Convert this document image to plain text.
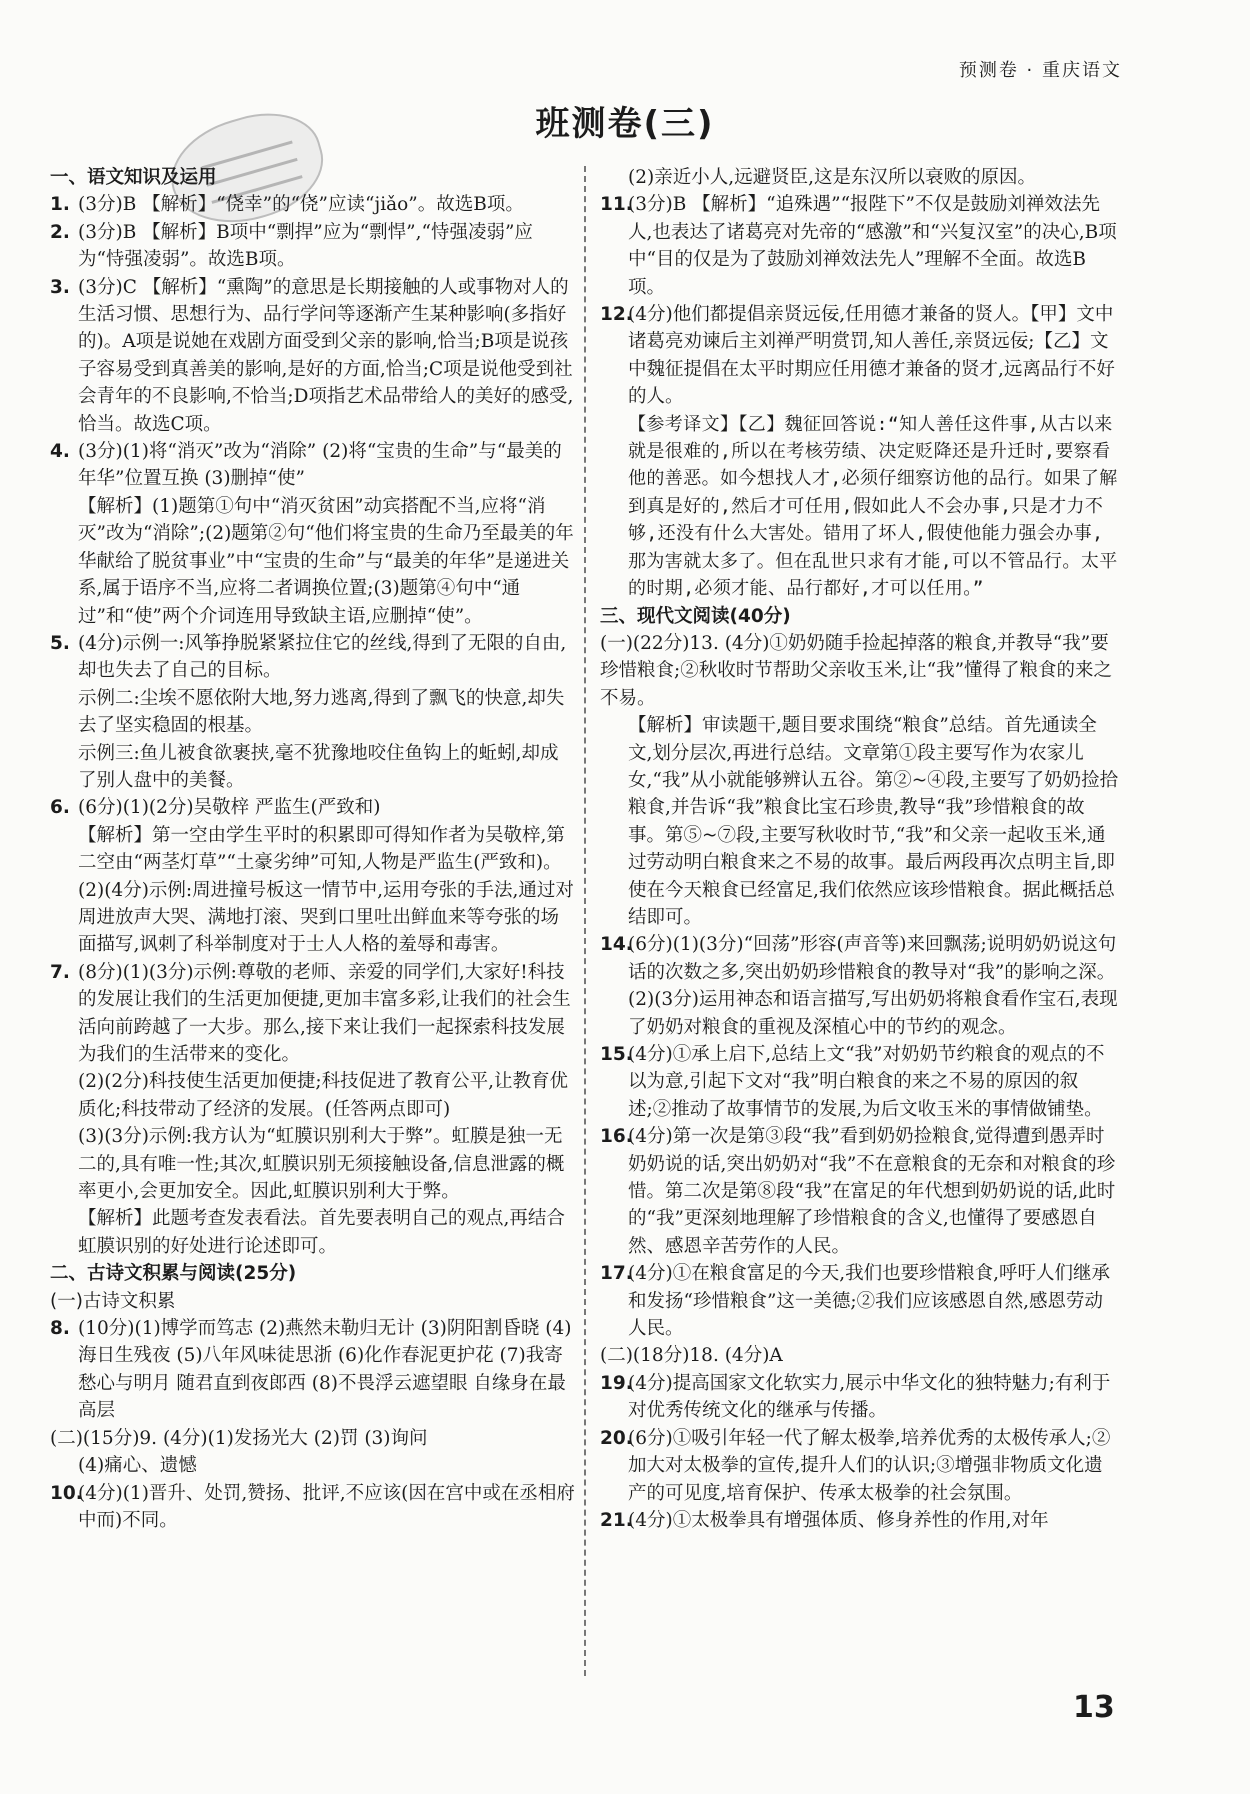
预测卷 · 重庆语文
班测卷(三)
一、语文知识及运用
1. (3分)B 【解析】“侥幸”的“侥”应读“jiǎo”。故选B项。
2. (3分)B 【解析】B项中“剽捍”应为“剽悍”,“恃强凌弱”应为“恃强凌弱”。故选B项。
3. (3分)C 【解析】“熏陶”的意思是长期接触的人或事物对人的生活习惯、思想行为、品行学问等逐渐产生某种影响(多指好的)。A项是说她在戏剧方面受到父亲的影响,恰当;B项是说孩子容易受到真善美的影响,是好的方面,恰当;C项是说他受到社会青年的不良影响,不恰当;D项指艺术品带给人的美好的感受,恰当。故选C项。
4. (3分)(1)将“消灭”改为“消除” (2)将“宝贵的生命”与“最美的年华”位置互换 (3)删掉“使”
【解析】(1)题第①句中“消灭贫困”动宾搭配不当,应将“消灭”改为“消除”;(2)题第②句“他们将宝贵的生命乃至最美的年华献给了脱贫事业”中“宝贵的生命”与“最美的年华”是递进关系,属于语序不当,应将二者调换位置;(3)题第④句中“通过”和“使”两个介词连用导致缺主语,应删掉“使”。
5. (4分)示例一:风筝挣脱紧紧拉住它的丝线,得到了无限的自由,却也失去了自己的目标。
示例二:尘埃不愿依附大地,努力逃离,得到了飘飞的快意,却失去了坚实稳固的根基。
示例三:鱼儿被食欲裹挟,毫不犹豫地咬住鱼钩上的蚯蚓,却成了别人盘中的美餐。
6. (6分)(1)(2分)吴敬梓 严监生(严致和)
【解析】第一空由学生平时的积累即可得知作者为吴敬梓,第二空由“两茎灯草”“土豪劣绅”可知,人物是严监生(严致和)。
(2)(4分)示例:周进撞号板这一情节中,运用夸张的手法,通过对周进放声大哭、满地打滚、哭到口里吐出鲜血来等夸张的场面描写,讽刺了科举制度对于士人人格的羞辱和毒害。
7. (8分)(1)(3分)示例:尊敬的老师、亲爱的同学们,大家好!科技的发展让我们的生活更加便捷,更加丰富多彩,让我们的社会生活向前跨越了一大步。那么,接下来让我们一起探索科技发展为我们的生活带来的变化。
(2)(2分)科技使生活更加便捷;科技促进了教育公平,让教育优质化;科技带动了经济的发展。(任答两点即可)
(3)(3分)示例:我方认为“虹膜识别利大于弊”。虹膜是独一无二的,具有唯一性;其次,虹膜识别无须接触设备,信息泄露的概率更小,会更加安全。因此,虹膜识别利大于弊。
【解析】此题考查发表看法。首先要表明自己的观点,再结合虹膜识别的好处进行论述即可。
二、古诗文积累与阅读(25分)
(一)古诗文积累
8. (10分)(1)博学而笃志 (2)燕然未勒归无计 (3)阴阳割昏晓 (4)海日生残夜 (5)八年风味徒思浙 (6)化作春泥更护花 (7)我寄愁心与明月 随君直到夜郎西 (8)不畏浮云遮望眼 自缘身在最高层
(二)(15分)9. (4分)(1)发扬光大 (2)罚 (3)询问
(4)痛心、遗憾
10.(4分)(1)晋升、处罚,赞扬、批评,不应该(因在宫中或在丞相府中而)不同。
(2)亲近小人,远避贤臣,这是东汉所以衰败的原因。
11.(3分)B 【解析】“追殊遇”“报陛下”不仅是鼓励刘禅效法先人,也表达了诸葛亮对先帝的“感激”和“兴复汉室”的决心,B项中“目的仅是为了鼓励刘禅效法先人”理解不全面。故选B项。
12.(4分)他们都提倡亲贤远佞,任用德才兼备的贤人。【甲】文中诸葛亮劝谏后主刘禅严明赏罚,知人善任,亲贤远佞;【乙】文中魏征提倡在太平时期应任用德才兼备的贤才,远离品行不好的人。
【参考译文】【乙】魏征回答说:“知人善任这件事,从古以来就是很难的,所以在考核劳绩、决定贬降还是升迁时,要察看他的善恶。如今想找人才,必须仔细察访他的品行。如果了解到真是好的,然后才可任用,假如此人不会办事,只是才力不够,还没有什么大害处。错用了坏人,假使他能力强会办事,那为害就太多了。但在乱世只求有才能,可以不管品行。太平的时期,必须才能、品行都好,才可以任用。”
三、现代文阅读(40分)
(一)(22分)13. (4分)①奶奶随手捡起掉落的粮食,并教导“我”要珍惜粮食;②秋收时节帮助父亲收玉米,让“我”懂得了粮食的来之不易。
【解析】审读题干,题目要求围绕“粮食”总结。首先通读全文,划分层次,再进行总结。文章第①段主要写作为农家儿女,“我”从小就能够辨认五谷。第②~④段,主要写了奶奶捡拾粮食,并告诉“我”粮食比宝石珍贵,教导“我”珍惜粮食的故事。第⑤~⑦段,主要写秋收时节,“我”和父亲一起收玉米,通过劳动明白粮食来之不易的故事。最后两段再次点明主旨,即使在今天粮食已经富足,我们依然应该珍惜粮食。据此概括总结即可。
14.(6分)(1)(3分)“回荡”形容(声音等)来回飘荡;说明奶奶说这句话的次数之多,突出奶奶珍惜粮食的教导对“我”的影响之深。
(2)(3分)运用神态和语言描写,写出奶奶将粮食看作宝石,表现了奶奶对粮食的重视及深植心中的节约的观念。
15.(4分)①承上启下,总结上文“我”对奶奶节约粮食的观点的不以为意,引起下文对“我”明白粮食的来之不易的原因的叙述;②推动了故事情节的发展,为后文收玉米的事情做铺垫。
16.(4分)第一次是第③段“我”看到奶奶捡粮食,觉得遭到愚弄时奶奶说的话,突出奶奶对“我”不在意粮食的无奈和对粮食的珍惜。第二次是第⑧段“我”在富足的年代想到奶奶说的话,此时的“我”更深刻地理解了珍惜粮食的含义,也懂得了要感恩自然、感恩辛苦劳作的人民。
17.(4分)①在粮食富足的今天,我们也要珍惜粮食,呼吁人们继承和发扬“珍惜粮食”这一美德;②我们应该感恩自然,感恩劳动人民。
(二)(18分)18. (4分)A
19.(4分)提高国家文化软实力,展示中华文化的独特魅力;有利于对优秀传统文化的继承与传播。
20.(6分)①吸引年轻一代了解太极拳,培养优秀的太极传承人;②加大对太极拳的宣传,提升人们的认识;③增强非物质文化遗产的可见度,培育保护、传承太极拳的社会氛围。
21.(4分)①太极拳具有增强体质、修身养性的作用,对年
13
